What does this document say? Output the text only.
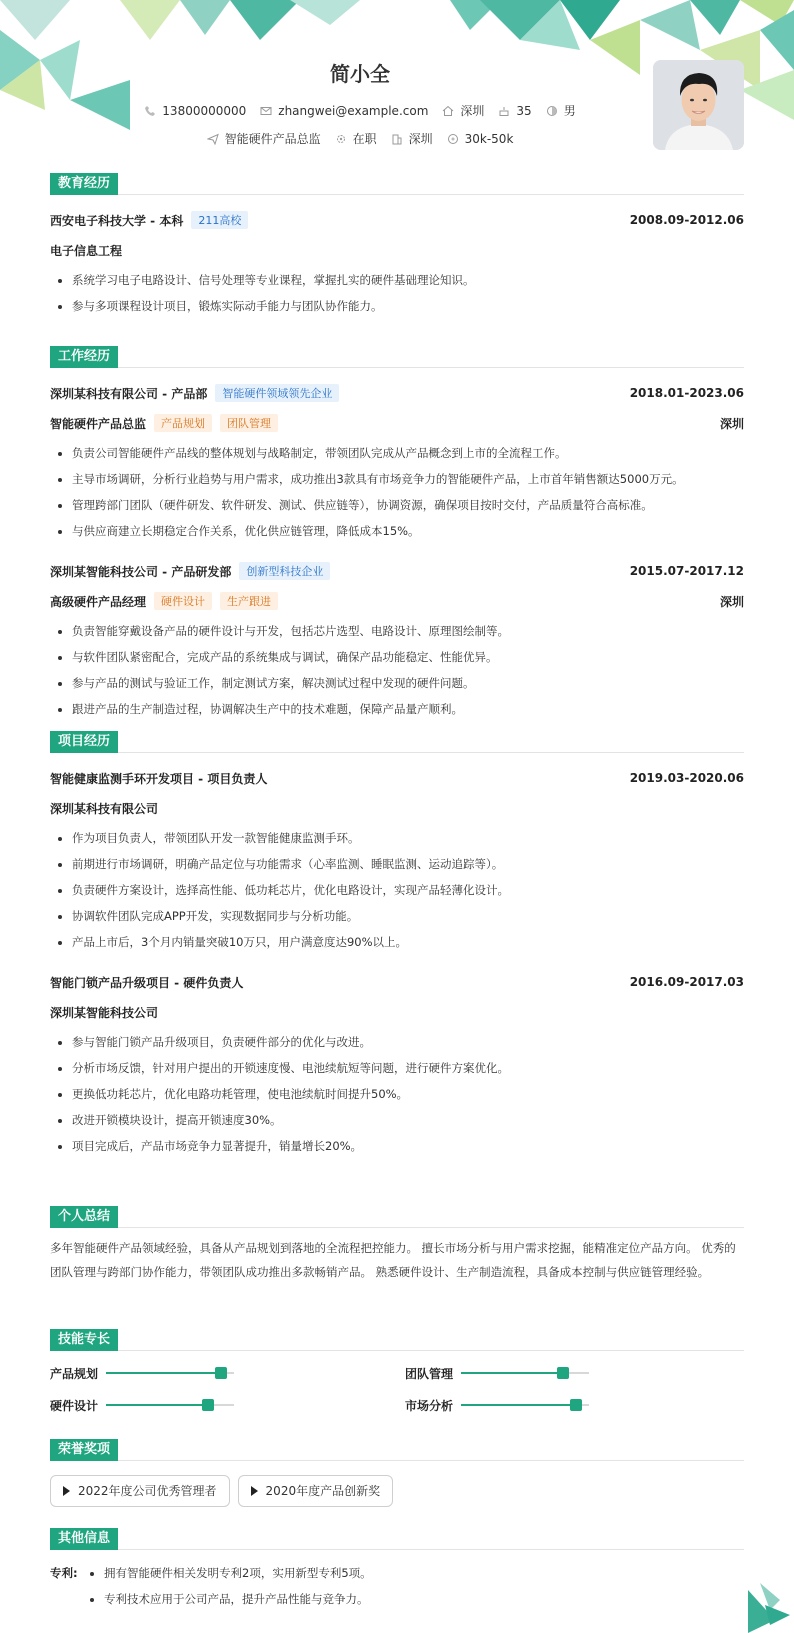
简小全
13800000000	zhangwei@example.com	深圳	35	男
智能硬件产品总监	在职	深圳	30k-50k
教育经历
西安电子科技大学 - 本科	211高校	2008.09-2012.06
电子信息工程
• 系统学习电子电路设计、信号处理等专业课程，掌握扎实的硬件基础理论知识。
• 参与多项课程设计项目，锻炼实际动手能力与团队协作能力。
工作经历
深圳某科技有限公司 - 产品部	智能硬件领域领先企业	2018.01-2023.06
智能硬件产品总监	产品规划	团队管理	深圳
• 负责公司智能硬件产品线的整体规划与战略制定，带领团队完成从产品概念到上市的全流程工作。
• 主导市场调研，分析行业趋势与用户需求，成功推出3款具有市场竞争力的智能硬件产品，上市首年销售额达5000万元。
• 管理跨部门团队（硬件研发、软件研发、测试、供应链等），协调资源，确保项目按时交付，产品质量符合高标准。
• 与供应商建立长期稳定合作关系，优化供应链管理，降低成本15%。
深圳某智能科技公司 - 产品研发部	创新型科技企业	2015.07-2017.12
高级硬件产品经理	硬件设计	生产跟进	深圳
• 负责智能穿戴设备产品的硬件设计与开发，包括芯片选型、电路设计、原理图绘制等。
• 与软件团队紧密配合，完成产品的系统集成与调试，确保产品功能稳定、性能优异。
• 参与产品的测试与验证工作，制定测试方案，解决测试过程中发现的硬件问题。
• 跟进产品的生产制造过程，协调解决生产中的技术难题，保障产品量产顺利。
项目经历
智能健康监测手环开发项目 - 项目负责人	2019.03-2020.06
深圳某科技有限公司
• 作为项目负责人，带领团队开发一款智能健康监测手环。
• 前期进行市场调研，明确产品定位与功能需求（心率监测、睡眠监测、运动追踪等）。
• 负责硬件方案设计，选择高性能、低功耗芯片，优化电路设计，实现产品轻薄化设计。
• 协调软件团队完成APP开发，实现数据同步与分析功能。
• 产品上市后，3个月内销量突破10万只，用户满意度达90%以上。
智能门锁产品升级项目 - 硬件负责人	2016.09-2017.03
深圳某智能科技公司
• 参与智能门锁产品升级项目，负责硬件部分的优化与改进。
• 分析市场反馈，针对用户提出的开锁速度慢、电池续航短等问题，进行硬件方案优化。
• 更换低功耗芯片，优化电路功耗管理，使电池续航时间提升50%。
• 改进开锁模块设计，提高开锁速度30%。
• 项目完成后，产品市场竞争力显著提升，销量增长20%。
个人总结
多年智能硬件产品领域经验，具备从产品规划到落地的全流程把控能力。 擅长市场分析与用户需求挖掘，能精准定位产品方向。 优秀的团队管理与跨部门协作能力，带领团队成功推出多款畅销产品。 熟悉硬件设计、生产制造流程，具备成本控制与供应链管理经验。
技能专长
产品规划	团队管理
硬件设计	市场分析
荣誉奖项
2022年度公司优秀管理者	2020年度产品创新奖
其他信息
专利:
•	拥有智能硬件相关发明专利2项，实用新型专利5项。
• 专利技术应用于公司产品，提升产品性能与竞争力。
